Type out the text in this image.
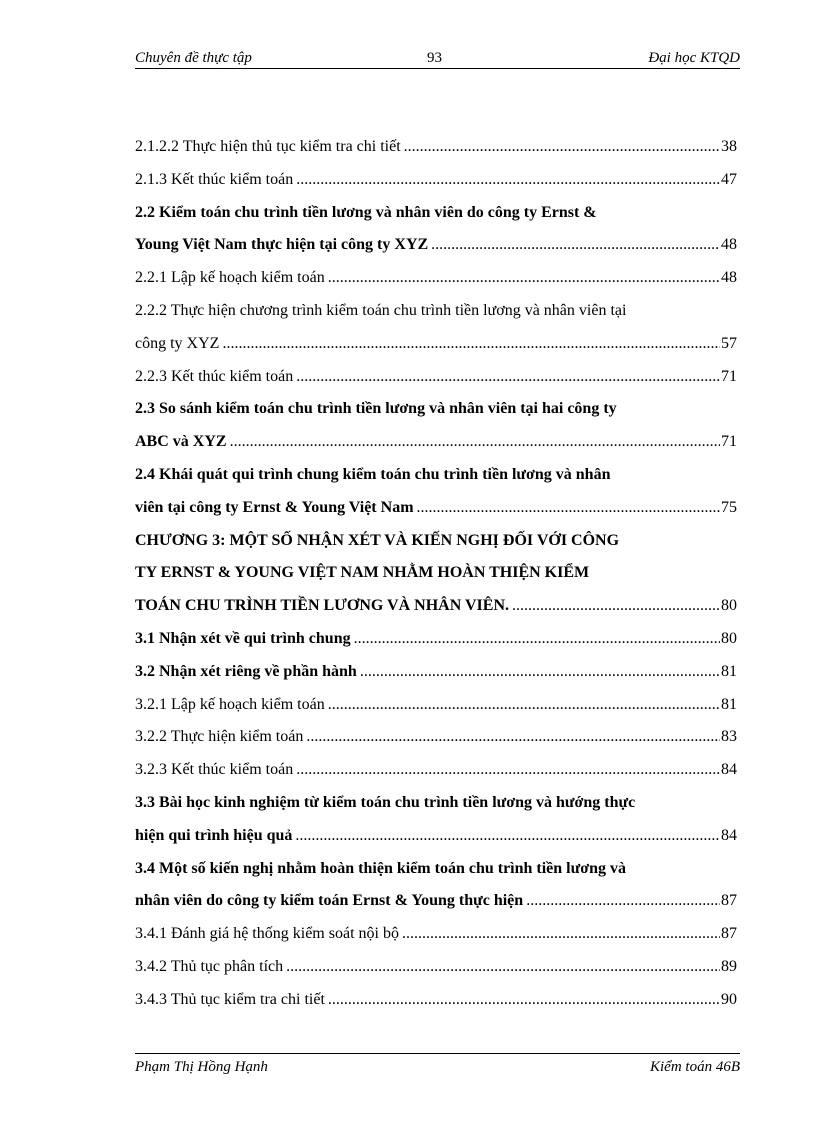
Chuyên đề thực tập	93	Đại học KTQD
2.1.2.2 Thực hiện thủ tục kiểm tra chi tiết .....	38
2.1.3 Kết thúc kiểm toán .....	47
2.2 Kiểm toán chu trình tiền lương và nhân viên do công ty Ernst &
Young Việt Nam thực hiện tại công ty XYZ .....	48
2.2.1 Lập kế hoạch kiểm toán .....	48
2.2.2 Thực hiện chương trình kiểm toán chu trình tiền lương và nhân viên tại
công ty XYZ .....	57
2.2.3 Kết thúc kiểm toán .....	71
2.3 So sánh kiểm toán chu trình tiền lương và nhân viên tại hai công ty
ABC và XYZ .....	71
2.4 Khái quát qui trình chung kiểm toán chu trình tiền lương và nhân
viên tại công ty Ernst & Young Việt Nam .....	75
CHƯƠNG 3: MỘT SỐ NHẬN XÉT VÀ KIẾN NGHỊ ĐỐI VỚI CÔNG
TY ERNST & YOUNG VIỆT NAM NHẰM HOÀN THIỆN KIỂM
TOÁN CHU TRÌNH TIỀN LƯƠNG VÀ NHÂN VIÊN. .....	80
3.1 Nhận xét về qui trình chung .....	80
3.2 Nhận xét riêng về phần hành .....	81
3.2.1 Lập kế hoạch kiểm toán .....	81
3.2.2 Thực hiện kiểm toán .....	83
3.2.3 Kết thúc kiểm toán .....	84
3.3 Bài học kinh nghiệm từ kiểm toán chu trình tiền lương và hướng thực
hiện qui trình hiệu quả .....	84
3.4 Một số kiến nghị nhằm hoàn thiện kiểm toán chu trình tiền lương và
nhân viên do công ty kiểm toán Ernst & Young thực hiện .....	87
3.4.1 Đánh giá hệ thống kiểm soát nội bộ .....	87
3.4.2 Thủ tục phân tích .....	89
3.4.3 Thủ tục kiểm tra chi tiết .....	90
Phạm Thị Hồng Hạnh	Kiểm toán 46B
